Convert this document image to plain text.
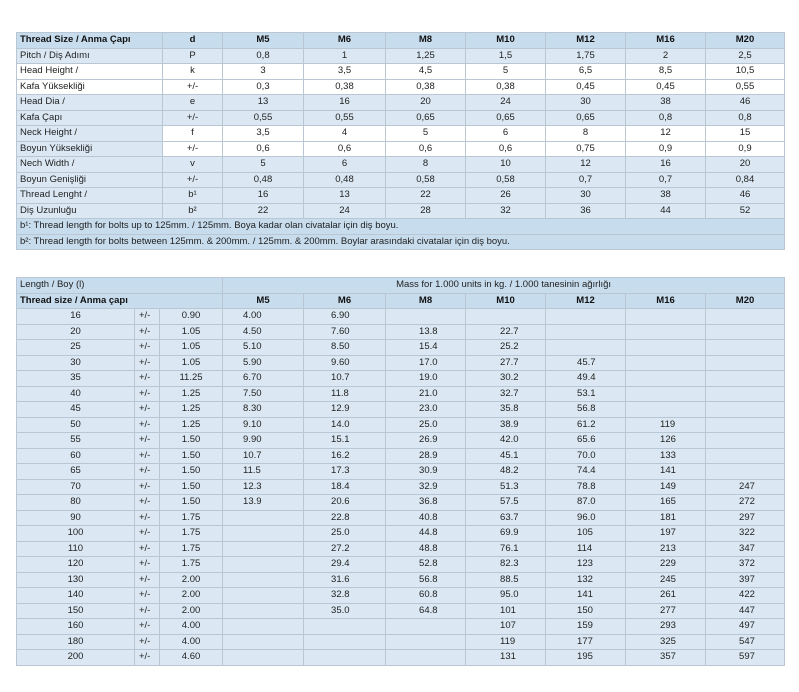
Thread Size / Anma Çapı	d	M5	M6	M8	M10	M12	M16	M20
Pitch / Diş Adımı	P	0,8	1	1,25	1,5	1,75	2	2,5
Head Height /	k	3	3,5	4,5	5	6,5	8,5	10,5
Kafa Yüksekliği	+/-	0,3	0,38	0,38	0,38	0,45	0,45	0,55
Head Dia /	e	13	16	20	24	30	38	46
Kafa Çapı	+/-	0,55	0,55	0,65	0,65	0,65	0,8	0,8
Neck Height /	f	3,5	4	5	6	8	12	15
Boyun Yüksekliği	+/-	0,6	0,6	0,6	0,6	0,75	0,9	0,9
Nech Width /	v	5	6	8	10	12	16	20
Boyun Genişliği	+/-	0,48	0,48	0,58	0,58	0,7	0,7	0,84
Thread Lenght /	b¹	16	13	22	26	30	38	46
Diş Uzunluğu	b²	22	24	28	32	36	44	52
b¹: Thread length for bolts up to 125mm. / 125mm. Boya kadar olan civatalar için diş boyu.								
b²: Thread length for bolts between 125mm. & 200mm. / 125mm. & 200mm. Boylar arasındaki civatalar için diş boyu.								
Length / Boy (l)			Mass for 1.000 units in kg. / 1.000 tanesinin ağırlığı						
Thread size / Anma çapı			M5	M6	M8	M10	M12	M16	M20
16	+/-	0.90	4.00	6.90					
20	+/-	1.05	4.50	7.60	13.8	22.7			
25	+/-	1.05	5.10	8.50	15.4	25.2			
30	+/-	1.05	5.90	9.60	17.0	27.7	45.7		
35	+/-	11.25	6.70	10.7	19.0	30.2	49.4		
40	+/-	1.25	7.50	11.8	21.0	32.7	53.1		
45	+/-	1.25	8.30	12.9	23.0	35.8	56.8		
50	+/-	1.25	9.10	14.0	25.0	38.9	61.2	119	
55	+/-	1.50	9.90	15.1	26.9	42.0	65.6	126	
60	+/-	1.50	10.7	16.2	28.9	45.1	70.0	133	
65	+/-	1.50	11.5	17.3	30.9	48.2	74.4	141	
70	+/-	1.50	12.3	18.4	32.9	51.3	78.8	149	247
80	+/-	1.50	13.9	20.6	36.8	57.5	87.0	165	272
90	+/-	1.75		22.8	40.8	63.7	96.0	181	297
100	+/-	1.75		25.0	44.8	69.9	105	197	322
110	+/-	1.75		27.2	48.8	76.1	114	213	347
120	+/-	1.75		29.4	52.8	82.3	123	229	372
130	+/-	2.00		31.6	56.8	88.5	132	245	397
140	+/-	2.00		32.8	60.8	95.0	141	261	422
150	+/-	2.00		35.0	64.8	101	150	277	447
160	+/-	4.00				107	159	293	497
180	+/-	4.00				119	177	325	547
200	+/-	4.60				131	195	357	597
